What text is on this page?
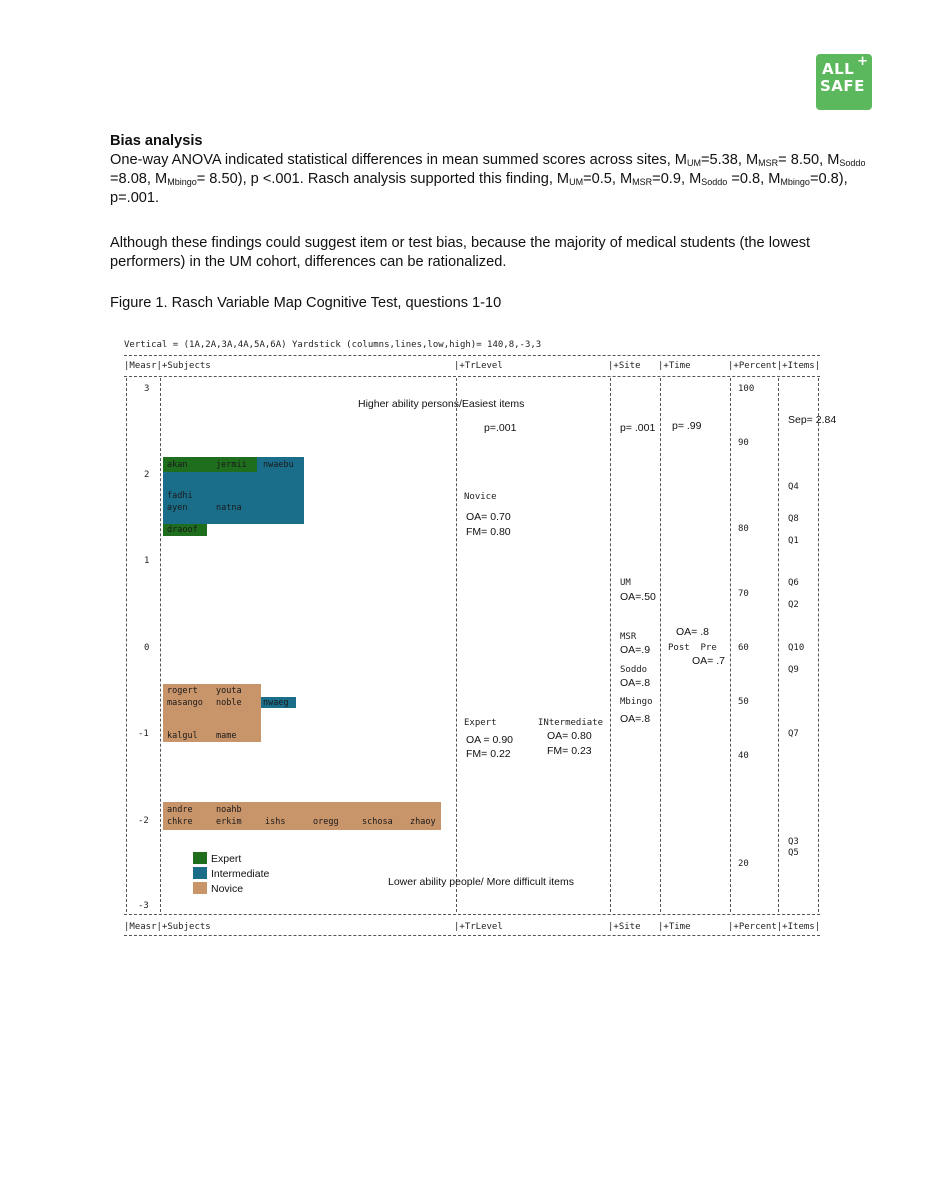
+
ALL
SAFE
Bias analysis
One-way ANOVA indicated statistical differences in mean summed scores across sites, $M_{UM}=5.38$, $M_{MSR}= 8.50$, $M_{Soddo} =8.08$, $M_{Mbingo}= 8.50$), p <.001. Rasch analysis supported this finding, $M_{UM}=0.5$, $M_{MSR}=0.9$, $M_{Soddo} =0.8$, $M_{Mbingo}=0.8$), p=.001.
Although these findings could suggest item or test bias, because the majority of medical students (the lowest performers) in the UM cohort, differences can be rationalized.
Figure 1. Rasch Variable Map Cognitive Test, questions 1-10
Vertical = (1A,2A,3A,4A,5A,6A) Yardstick (columns,lines,low,high)= 140,8,-3,3
|Measr|+Subjects	|+TrLevel	|+Site |+Time	|+Percent|+Items|
|Measr|+Subjects	|+TrLevel	|+Site |+Time	|+Percent|+Items|
3
2
1
0
-1
-2
-3
100
90
80
70
60
50
40
20
Q4
Q8
Q1
Q6
Q2
Q10
Q9
Q7
Q3
Q5
Higher ability persons/Easiest items
Lower ability people/ More difficult items
p=.001	p= .001 p= .99	Sep= 2.84
Novice
OA= 0.70
FM= 0.80
Expert
OA = 0.90
FM= 0.22
INtermediate
OA= 0.80
FM= 0.23
UM
OA=.50
MSR
OA=.9
Soddo
OA=.8
Mbingo
OA=.8
OA= .8
Post  Pre
OA= .7
akan	jermii nwaebu
fadhi
ayen	natna
draoof
rogert youta
masango noble	nwaeg
kalgul mame
andre	noahb
chkre	erkim	ishs	oregg	schosa zhaoy
Expert
Intermediate
Novice
